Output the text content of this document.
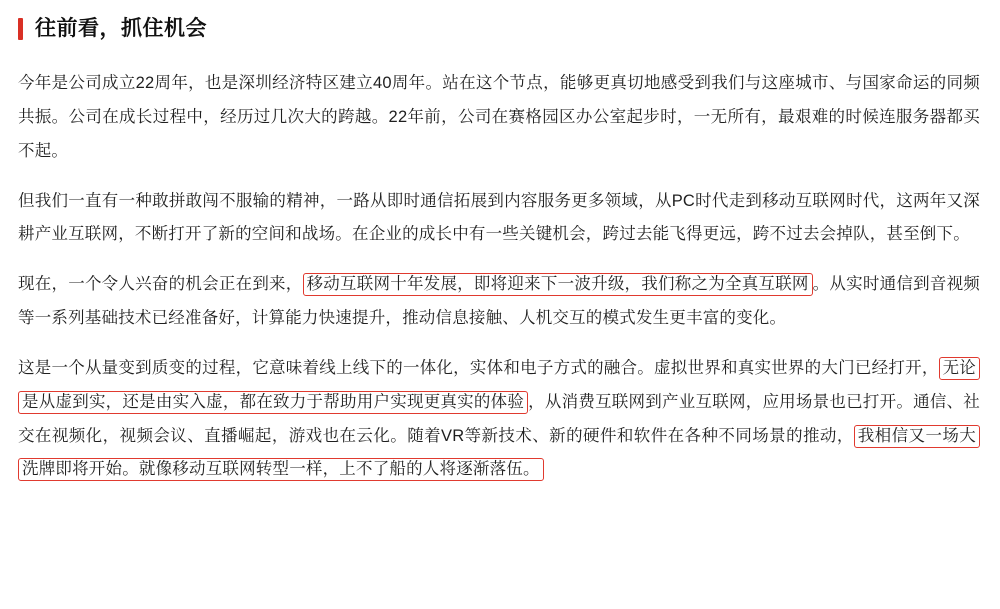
往前看，抓住机会

今年是公司成立22周年，也是深圳经济特区建立40周年。站在这个节点，能够更真切地感受到我们与这座城市、与国家命运的同频共振。公司在成长过程中，经历过几次大的跨越。22年前，公司在赛格园区办公室起步时，一无所有，最艰难的时候连服务器都买不起。

但我们一直有一种敢拼敢闯不服输的精神，一路从即时通信拓展到内容服务更多领域，从PC时代走到移动互联网时代，这两年又深耕产业互联网，不断打开了新的空间和战场。在企业的成长中有一些关键机会，跨过去能飞得更远，跨不过去会掉队，甚至倒下。

现在，一个令人兴奋的机会正在到来， 移动互联网十年发展，即将迎来下一波升级，我们称之为全真互联网 。从实时通信到音视频等一系列基础技术已经准备好，计算能力快速提升，推动信息接触、人机交互的模式发生更丰富的变化。

这是一个从量变到质变的过程，它意味着线上线下的一体化，实体和电子方式的融合。虚拟世界和真实世界的大门已经打开， 无论是从虚到实，还是由实入虚，都在致力于帮助用户实现更真实的体验 ，从消费互联网到产业互联网，应用场景也已打开。通信、社交在视频化，视频会议、直播崛起，游戏也在云化。随着VR等新技术、新的硬件和软件在各种不同场景的推动， 我相信又一场大洗牌即将开始。就像移动互联网转型一样，上不了船的人将逐渐落伍。
